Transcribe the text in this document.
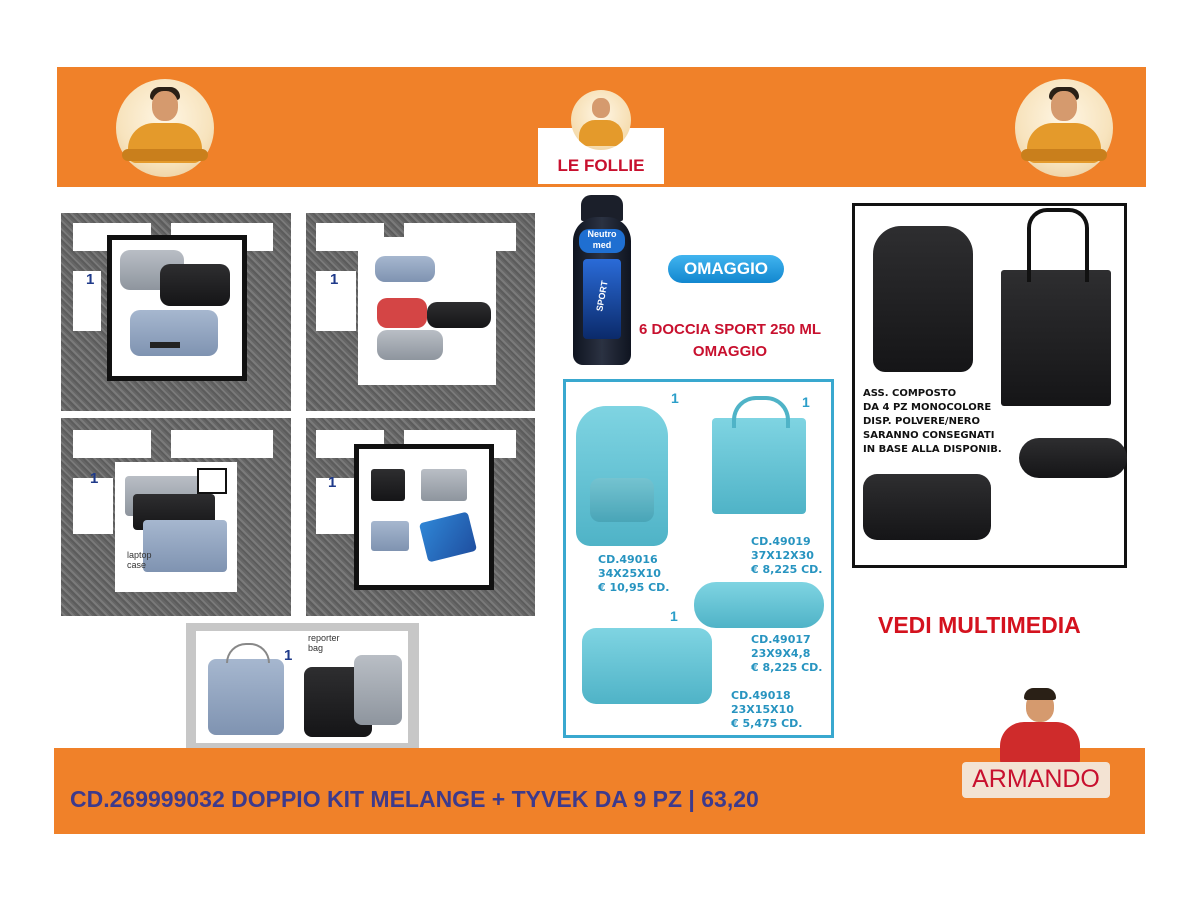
LE FOLLIE
1	1
laptop
case
1	1
reporter
bag
1
Neutro med
SPORT
OMAGGIO
6 DOCCIA SPORT 250 ML
OMAGGIO
1	1
1
CD.49016
34X25X10
€ 10,95 CD.
CD.49019
37X12X30
€ 8,225 CD.
CD.49017
23X9X4,8
€ 8,225 CD.
CD.49018
23X15X10
€ 5,475 CD.
ASS. COMPOSTO
DA 4 PZ MONOCOLORE
DISP. POLVERE/NERO
SARANNO CONSEGNATI
IN BASE ALLA DISPONIB.
VEDI MULTIMEDIA
CD.269999032 DOPPIO KIT MELANGE + TYVEK DA 9 PZ | 63,20
ARMANDO
